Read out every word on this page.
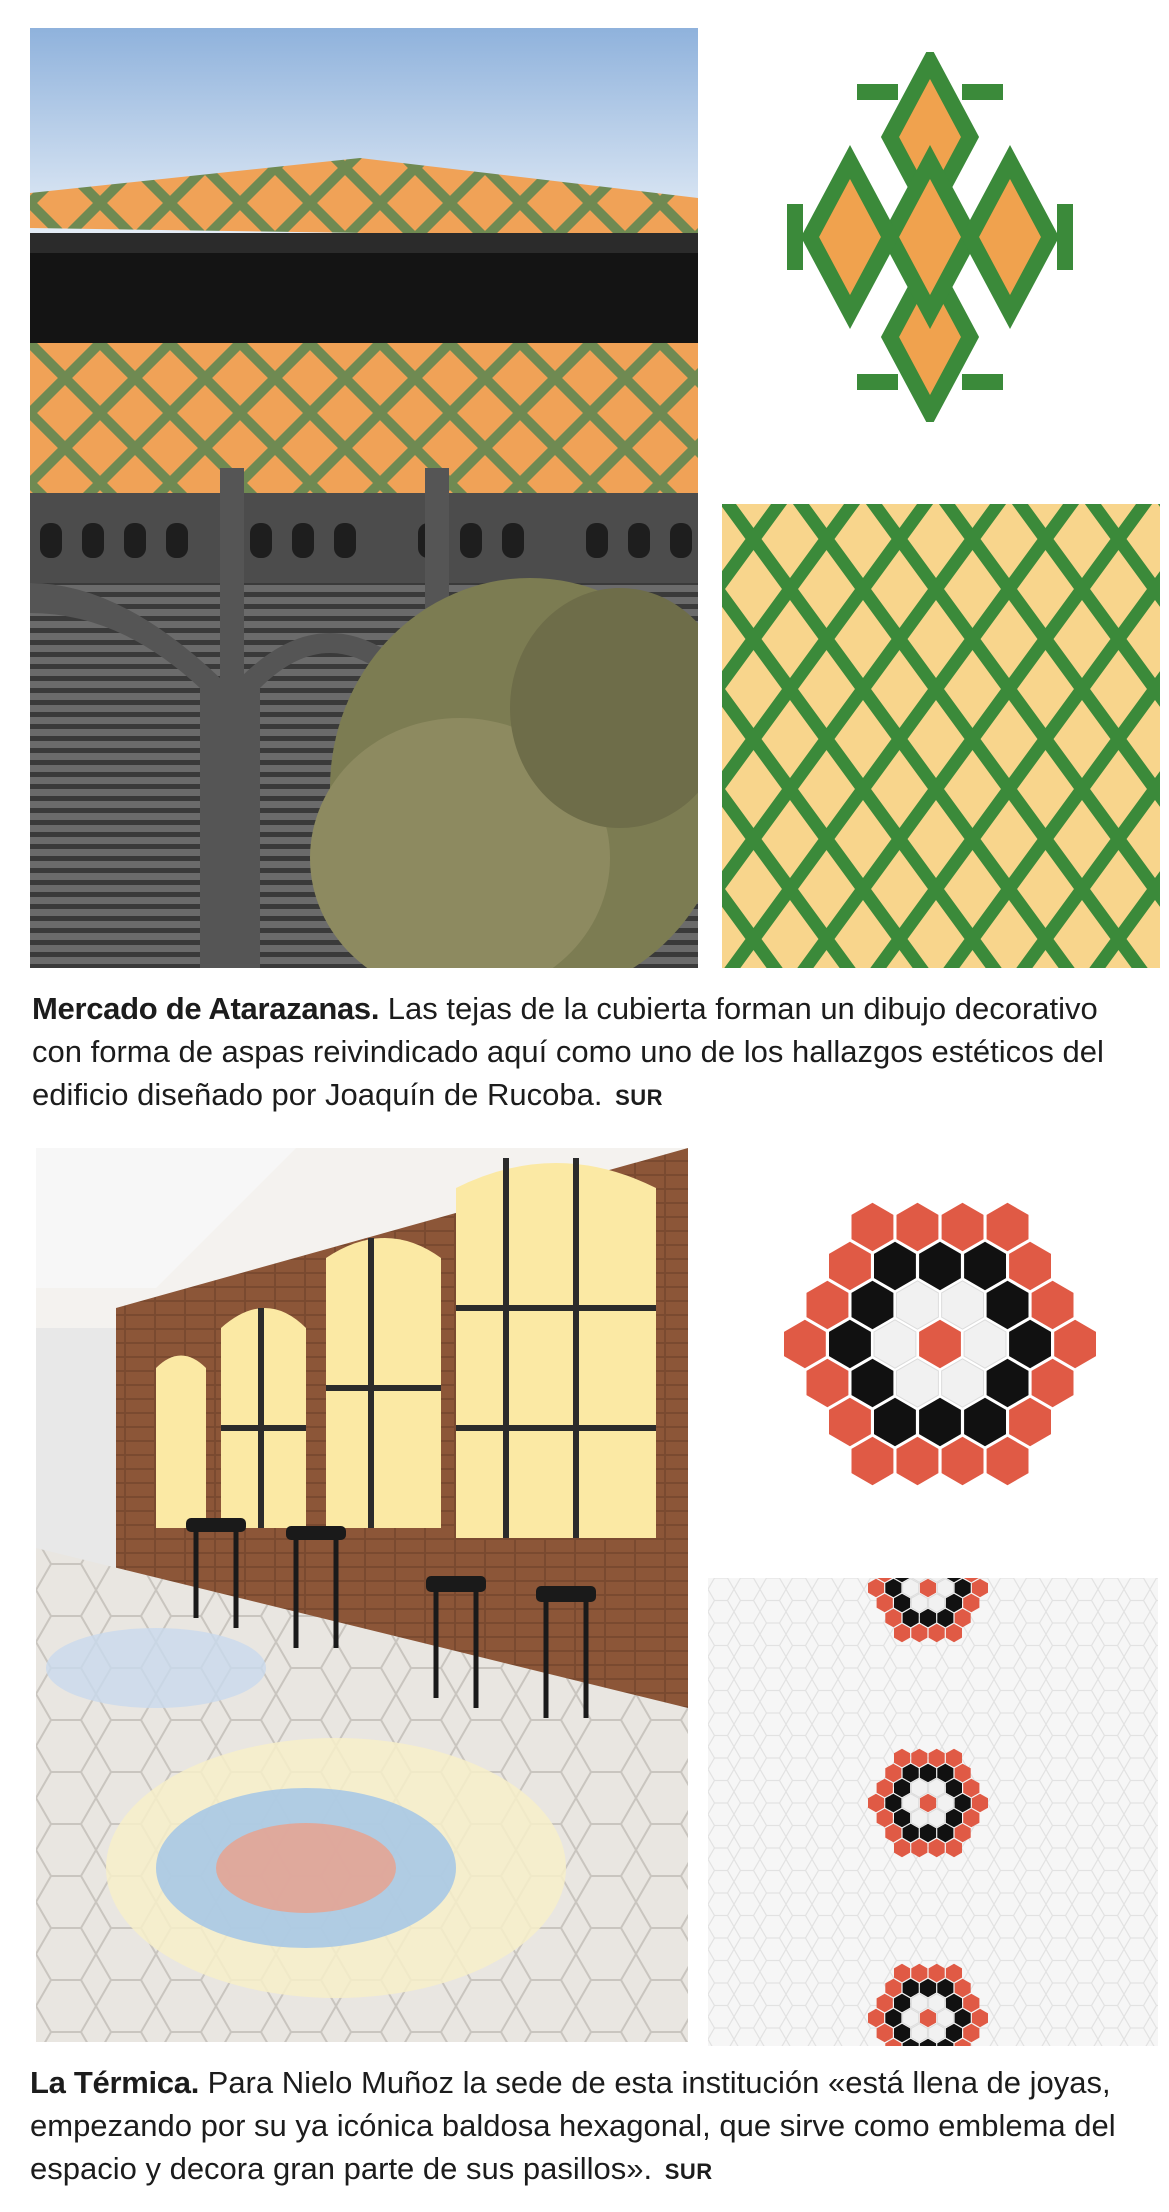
Mercado de Atarazanas. Las tejas de la cubierta forman un dibujo decorativo con forma de aspas reivindicado aquí como uno de los hallazgos estéticos del edificio diseñado por Joaquín de Rucoba. SUR

La Térmica. Para Nielo Muñoz la sede de esta institución «está llena de joyas, empezando por su ya icónica baldosa hexagonal, que sirve como emblema del espacio y decora gran parte de sus pasillos». SUR
